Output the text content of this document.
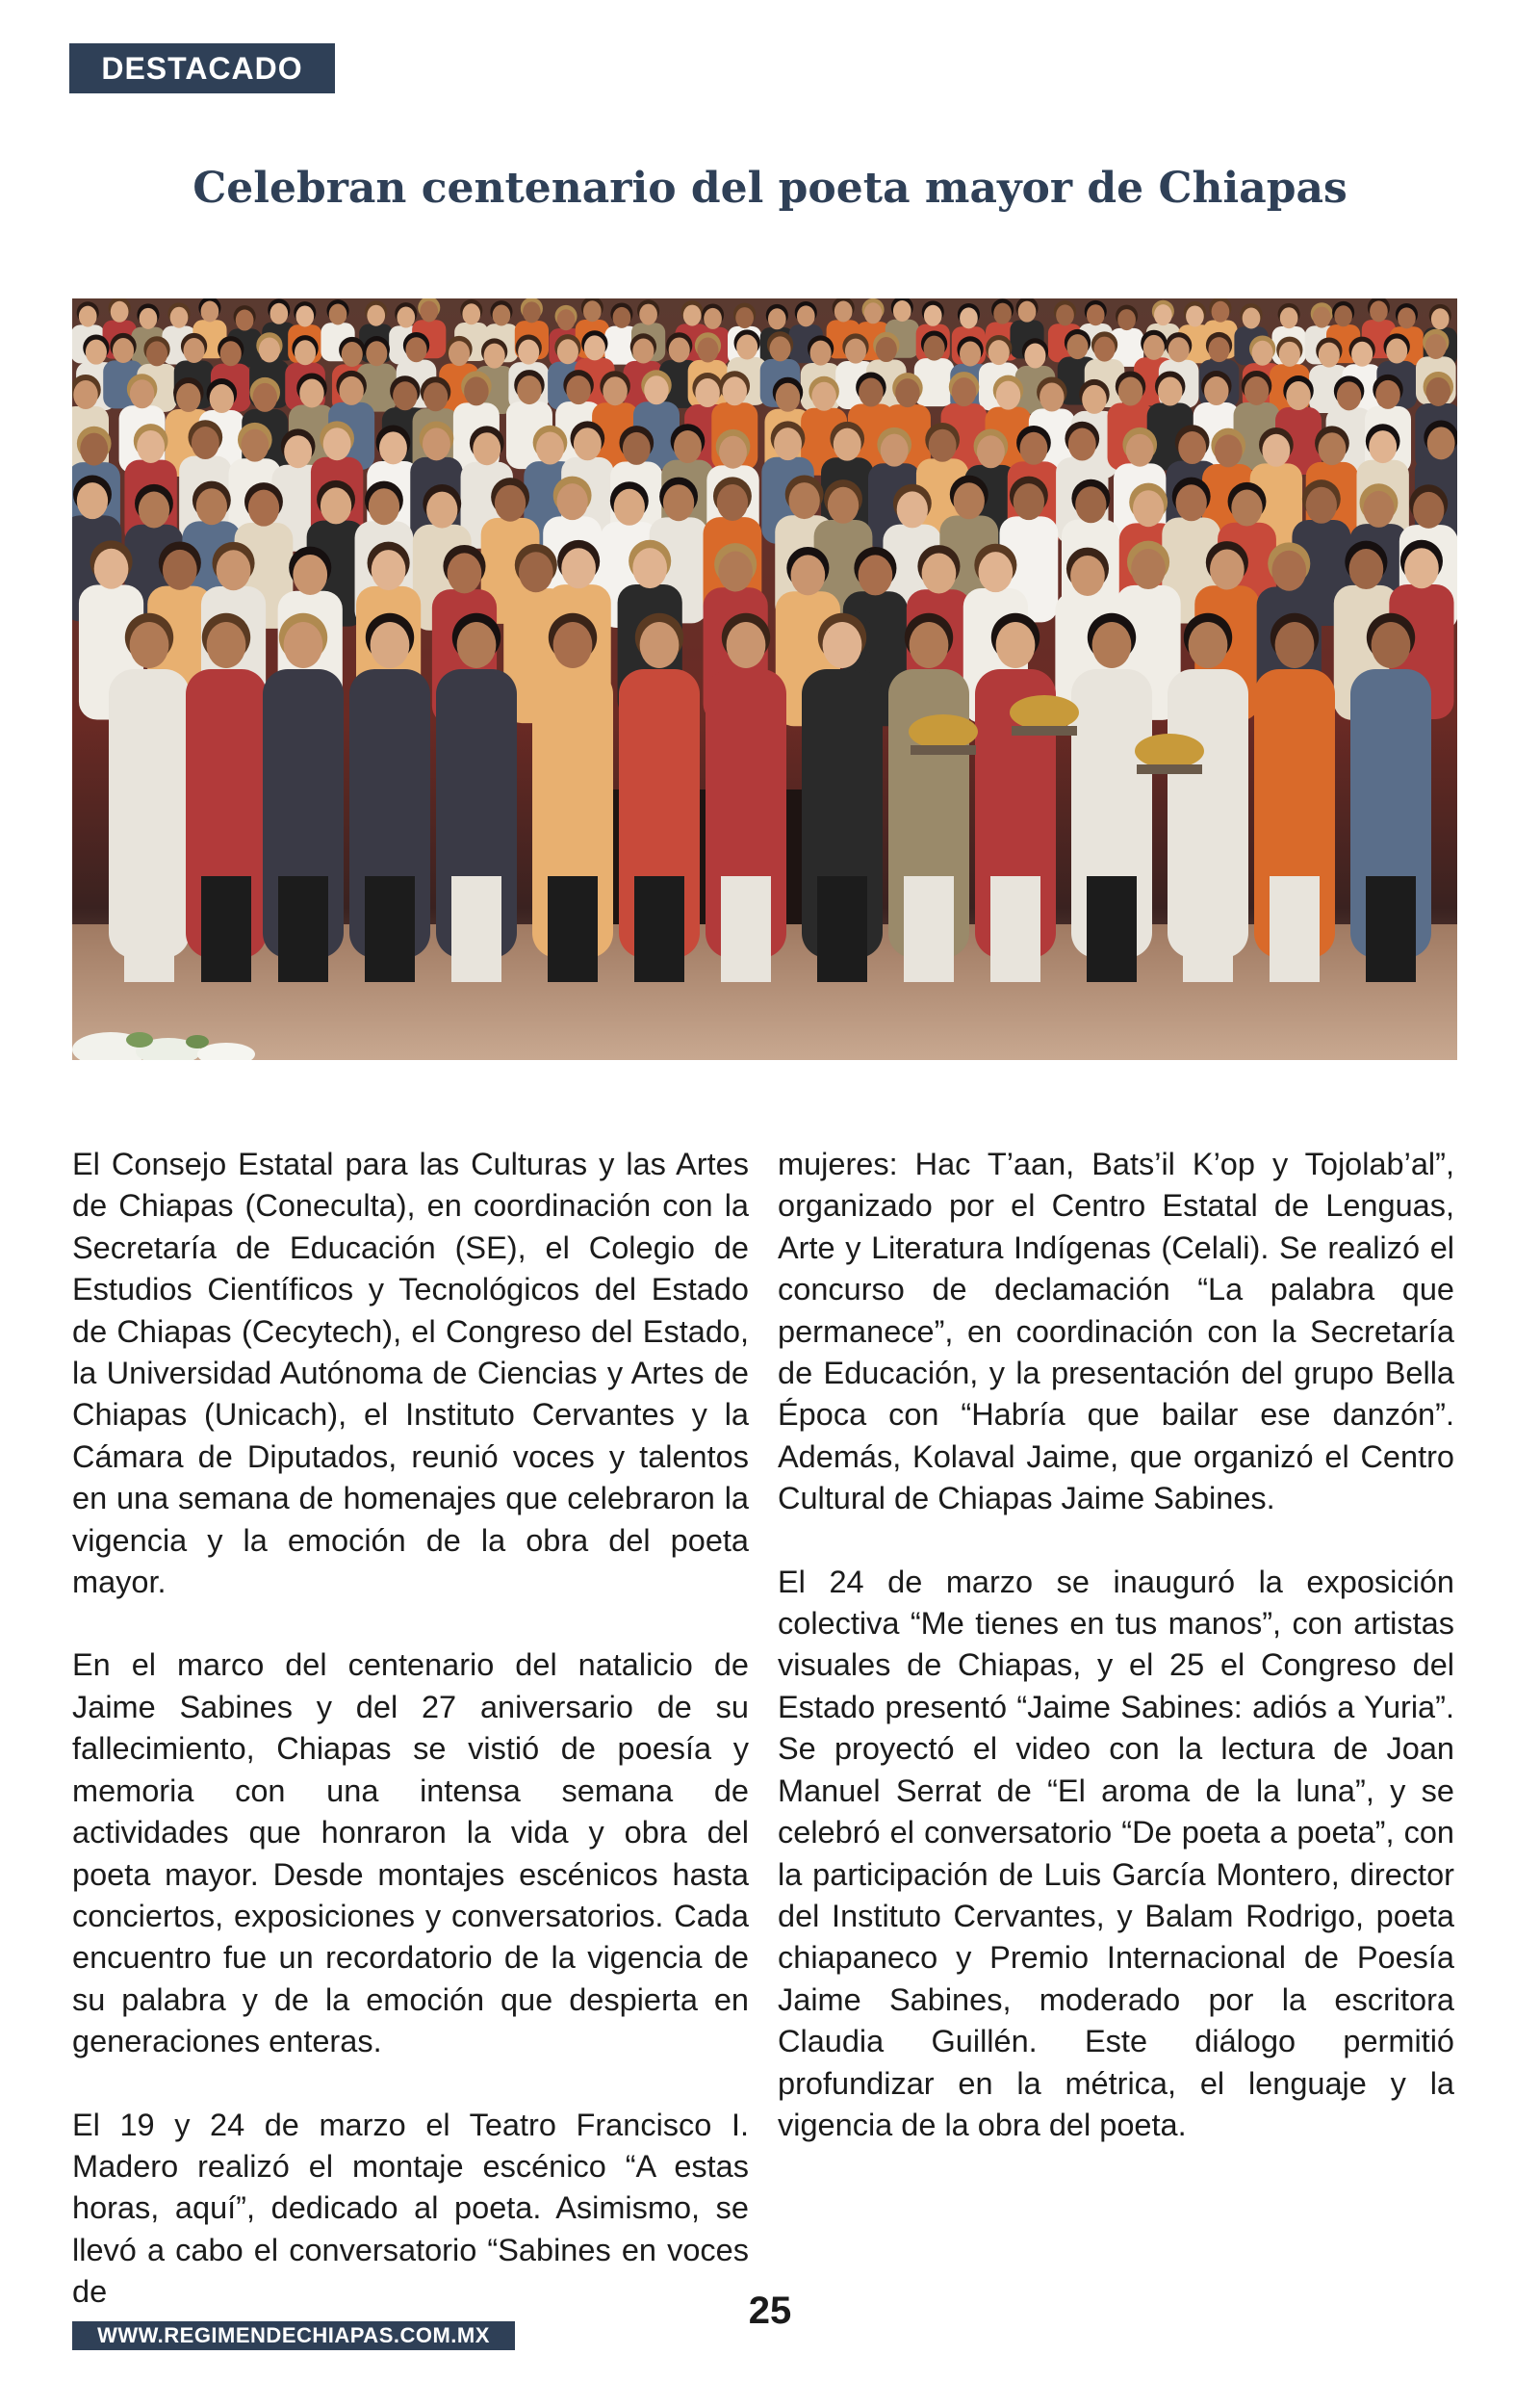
DESTACADO
Celebran centenario del poeta mayor de Chiapas

El Consejo Estatal para las Culturas y las Artes de Chiapas (Coneculta), en coordinación con la Secretaría de Educación (SE), el Colegio de Estudios Científicos y Tecnológicos del Estado de Chiapas (Cecytech), el Congreso del Estado, la Universidad Autónoma de Ciencias y Artes de Chiapas (Unicach), el Instituto Cervantes y la Cámara de Diputados, reunió voces y talentos en una semana de homenajes que celebraron la vigencia y la emoción de la obra del poeta mayor.

En el marco del centenario del natalicio de Jaime Sabines y del 27 aniversario de su fallecimiento, Chiapas se vistió de poesía y memoria con una intensa semana de actividades que honraron la vida y obra del poeta mayor. Desde montajes escénicos hasta conciertos, exposiciones y conversatorios. Cada encuentro fue un recordatorio de la vigencia de su palabra y de la emoción que despierta en generaciones enteras.

El 19 y 24 de marzo el Teatro Francisco I. Madero realizó el montaje escénico “A estas horas, aquí”, dedicado al poeta. Asimismo, se llevó a cabo el conversatorio “Sabines en voces de

mujeres: Hac T’aan, Bats’il K’op y Tojolab’al”, organizado por el Centro Estatal de Lenguas, Arte y Literatura Indígenas (Celali). Se realizó el concurso de declamación “La palabra que permanece”, en coordinación con la Secretaría de Educación, y la presentación del grupo Bella Época con “Habría que bailar ese danzón”. Además, Kolaval Jaime, que organizó el Centro Cultural de Chiapas Jaime Sabines.

El 24 de marzo se inauguró la exposición colectiva “Me tienes en tus manos”, con artistas visuales de Chiapas, y el 25 el Congreso del Estado presentó “Jaime Sabines: adiós a Yuria”. Se proyectó el video con la lectura de Joan Manuel Serrat de “El aroma de la luna”, y se celebró el conversatorio “De poeta a poeta”, con la participación de Luis García Montero, director del Instituto Cervantes, y Balam Rodrigo, poeta chiapaneco y Premio Internacional de Poesía Jaime Sabines, moderado por la escritora Claudia Guillén. Este diálogo permitió profundizar en la métrica, el lenguaje y la vigencia de la obra del poeta.

25
WWW.REGIMENDECHIAPAS.COM.MX
